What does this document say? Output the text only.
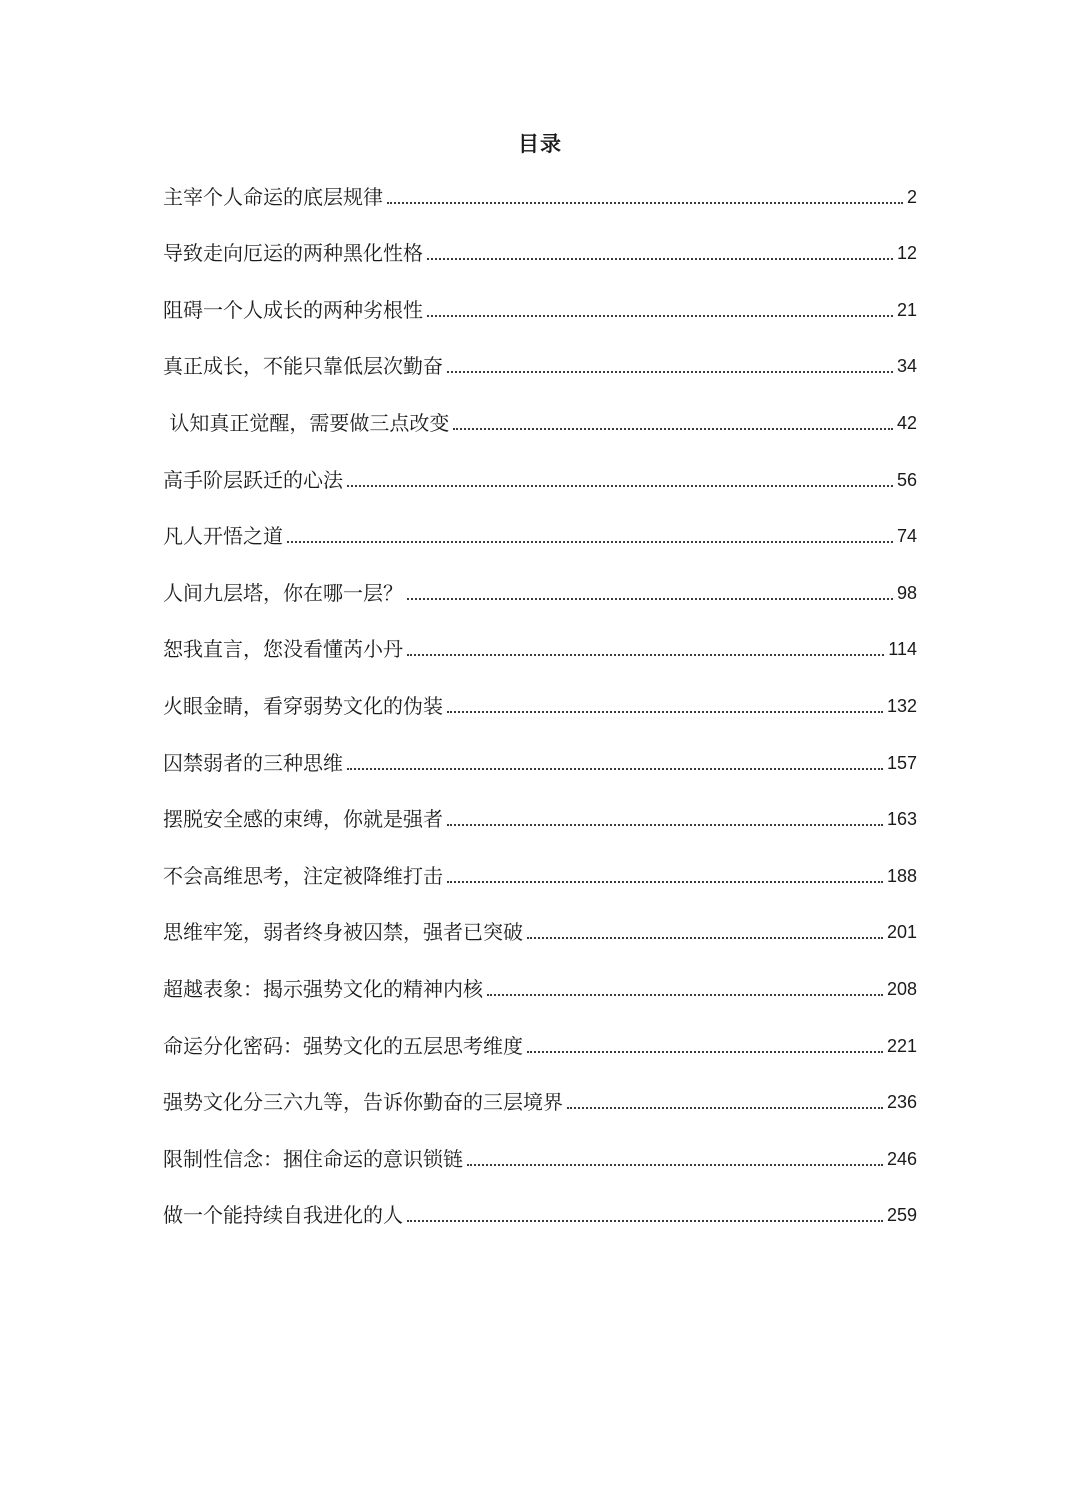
目录
主宰个人命运的底层规律	2
导致走向厄运的两种黑化性格	12
阻碍一个人成长的两种劣根性	21
真正成长，不能只靠低层次勤奋	34
认知真正觉醒，需要做三点改变	42
高手阶层跃迁的心法	56
凡人开悟之道	74
人间九层塔，你在哪一层？	98
恕我直言，您没看懂芮小丹	114
火眼金睛，看穿弱势文化的伪装	132
囚禁弱者的三种思维	157
摆脱安全感的束缚，你就是强者	163
不会高维思考，注定被降维打击	188
思维牢笼，弱者终身被囚禁，强者已突破	201
超越表象：揭示强势文化的精神内核	208
命运分化密码：强势文化的五层思考维度	221
强势文化分三六九等，告诉你勤奋的三层境界	236
限制性信念：捆住命运的意识锁链	246
做一个能持续自我进化的人	259
